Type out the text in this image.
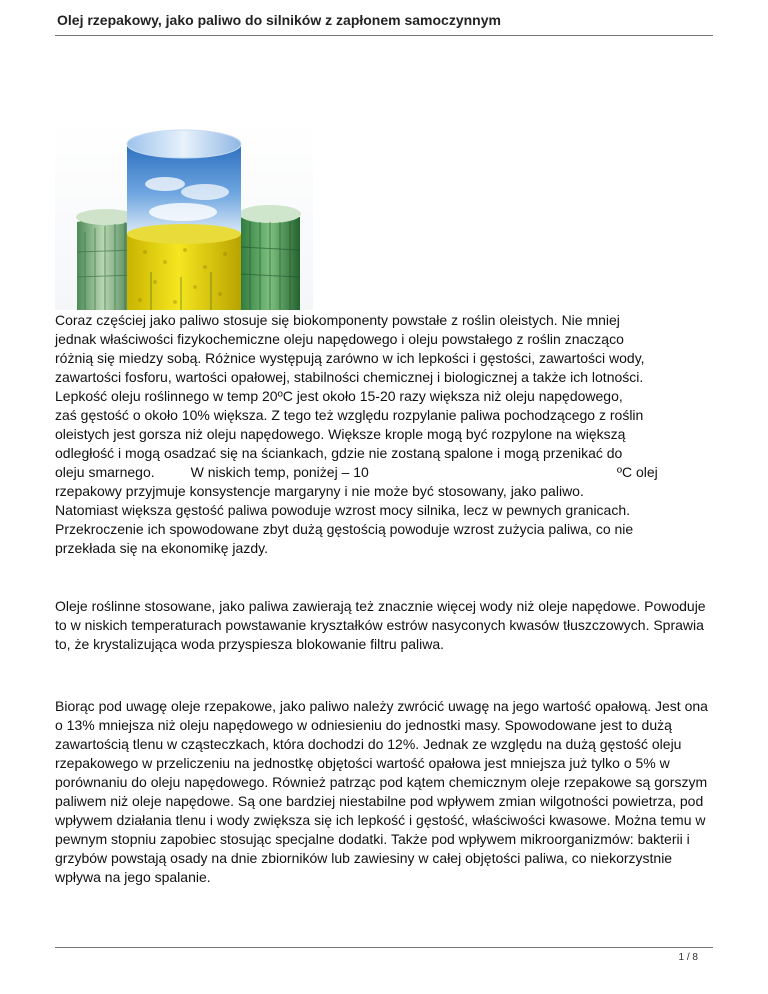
Olej rzepakowy, jako paliwo do silników z zapłonem samoczynnym
Coraz częściej jako paliwo stosuje się biokomponenty powstałe z roślin oleistych. Nie mniej
jednak właściwości fizykochemiczne oleju napędowego i oleju powstałego z roślin znacząco
różnią się miedzy sobą. Różnice występują zarówno w ich lepkości i gęstości, zawartości wody,
zawartości fosforu, wartości opałowej, stabilności chemicznej i biologicznej a także ich lotności.
Lepkość oleju roślinnego w temp 20ºC jest około 15-20 razy większa niż oleju napędowego,
zaś gęstość o około 10% większa. Z tego też względu rozpylanie paliwa pochodzącego z roślin
oleistych jest gorsza niż oleju napędowego. Większe krople mogą być rozpylone na większą
odległość i mogą osadzać się na ściankach, gdzie nie zostaną spalone i mogą przenikać do
oleju smarnego.	W niskich temp, poniżej – 10	ºC olej
rzepakowy przyjmuje konsystencje margaryny i nie może być stosowany, jako paliwo.
Natomiast większa gęstość paliwa powoduje wzrost mocy silnika, lecz w pewnych granicach.
Przekroczenie ich spowodowane zbyt dużą gęstością powoduje wzrost zużycia paliwa, co nie
przekłada się na ekonomikę jazdy.

Oleje roślinne stosowane, jako paliwa zawierają też znacznie więcej wody niż oleje napędowe. Powoduje to w niskich temperaturach powstawanie kryształków estrów nasyconych kwasów tłuszczowych. Sprawia to, że krystalizująca woda przyspiesza blokowanie filtru paliwa.

Biorąc pod uwagę oleje rzepakowe, jako paliwo należy zwrócić uwagę na jego wartość opałową. Jest ona o 13% mniejsza niż oleju napędowego w odniesieniu do jednostki masy. Spowodowane jest to dużą zawartością tlenu w cząsteczkach, która dochodzi do 12%. Jednak ze względu na dużą gęstość oleju rzepakowego w przeliczeniu na jednostkę objętości wartość opałowa jest mniejsza już tylko o 5% w porównaniu do oleju napędowego. Również patrząc pod kątem chemicznym oleje rzepakowe są gorszym paliwem niż oleje napędowe. Są one bardziej niestabilne pod wpływem zmian wilgotności powietrza, pod wpływem działania tlenu i wody zwiększa się ich lepkość i gęstość, właściwości kwasowe. Można temu w pewnym stopniu zapobiec stosując specjalne dodatki. Także pod wpływem mikroorganizmów: bakterii i grzybów powstają osady na dnie zbiorników lub zawiesiny w całej objętości paliwa, co niekorzystnie wpływa na jego spalanie.

1 / 8
